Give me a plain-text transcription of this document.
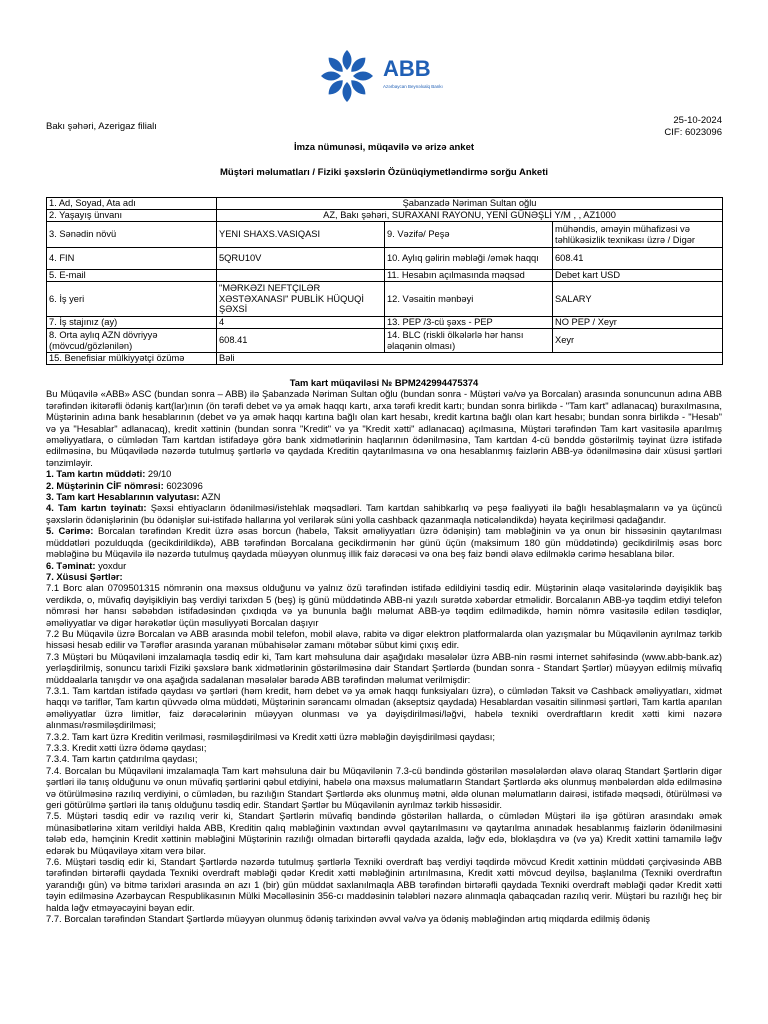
ABB
Azərbaycan Beynəlxalq Bankı
Bakı şəhəri, Azerigaz filialı
25-10-2024
CIF: 6023096
İmza nümunəsi, müqavilə və ərizə anket
Müştəri məlumatları / Fiziki şəxslərin Özünüqiymetləndirmə sorğu Anketi
1. Ad, Soyad, Ata adı	Şabanzadə Nəriman Sultan oğlu		
2. Yaşayış ünvanı	AZ, Bakı şəhəri, SURAXANI RAYONU, YENİ GÜNƏŞLİ Y/M , , AZ1000		
3. Sənədin növü	YENI SHAXS.VASIQASI	9. Vəzifə/ Peşə	mühəndis, əməyin mühafizəsi və təhlükəsizlik texnikası üzrə / Digər
4. FIN	5QRU10V	10. Aylıq gəlirin məbləği /əmək haqqı	608.41
5. E-mail		11. Hesabın açılmasında məqsəd	Debet kart USD
6. İş yeri	"MƏRKƏZI NEFTÇILƏR XƏSTƏXANASI" PUBLİK HÜQUQİ ŞƏXSİ	12. Vəsaitin mənbəyi	SALARY
7. İş stajınız (ay)	4	13. PEP /3-cü şəxs - PEP	NO PEP / Xeyr
8. Orta aylıq AZN dövriyyə (mövcud/gözlənilən)	608.41	14. BLC (riskli ölkələrlə hər hansı əlaqənin olması)	Xeyr
15. Benefisiar mülkiyyətçi özümə	Bəli		

Tam kart müqaviləsi № BPM242994475374

Bu Müqavilə «ABB» ASC (bundan sonra – ABB) ilə Şabanzadə Nəriman Sultan oğlu (bundan sonra - Müştəri və/və ya Borcalan) arasında sonuncunun adına ABB tərəfindən ikitərəfli ödəniş kart(lar)ının (ön tərəfi debet və ya əmək haqqı kartı, arxa tərəfi kredit kartı; bundan sonra birlikdə - "Tam kart" adlanacaq) buraxılmasına, Müştərinin adına bank hesablarının (debet və ya əmək haqqı kartına bağlı olan kart hesabı, kredit kartına bağlı olan kart hesabı; bundan sonra birlikdə - "Hesab" və ya "Hesablar" adlanacaq), kredit xəttinin (bundan sonra "Kredit" və ya "Kredit xətti" adlanacaq) açılmasına, Müştəri tərəfindən Tam kart vasitəsilə aparılmış əməliyyatlara, o cümlədən Tam kartdan istifadəyə görə bank xidmətlərinin haqlarının ödənilməsinə, Tam kartdan 4-cü bənddə göstərilmiş təyinat üzrə istifadə edilməsinə, bu Müqavilədə nəzərdə tutulmuş şərtlərlə və qaydada Kreditin qaytarılmasına və ona hesablanmış faizlərin ABB-yə ödənilməsinə dair xüsusi şərtləri tənzimləyir.

1. Tam kartın müddəti: 29/10

2. Müştərinin CİF nömrəsi: 6023096

3. Tam kart Hesablarının valyutası: AZN

4. Tam kartın təyinatı: Şəxsi ehtiyacların ödənilməsi/istehlak məqsədləri. Tam kartdan sahibkarlıq və peşə fəaliyyəti ilə bağlı hesablaşmaların və ya üçüncü şəxslərin ödənişlərinin (bu ödənişlər sui-istifadə hallarına yol verilərək süni yolla cashback qazanmaqla nəticələndikdə) həyata keçirilməsi qadağandır.

5. Cərimə: Borcalan tərəfindən Kredit üzrə əsas borcun (habelə, Taksit əməliyyatları üzrə ödənişin) tam məbləğinin və ya onun bir hissəsinin qaytarılması müddətləri pozulduqda (gecikdirildikdə), ABB tərəfindən Borcalana gecikdirmənin hər günü üçün (maksimum 180 gün müddətində) gecikdirilmiş əsas borc məbləğinə bu Müqavilə ilə nəzərdə tutulmuş qaydada müəyyən olunmuş illik faiz dərəcəsi və ona beş faiz bəndi əlavə edilməklə cərimə hesablana bilər.

6. Təminat: yoxdur

7. Xüsusi Şərtlər:

7.1 Borc alan 0709501315 nömrənin ona məxsus olduğunu və yalnız özü tərəfindən istifadə edildiyini təsdiq edir. Müştərinin əlaqə vasitələrində dəyişiklik baş verdikdə, o, müvafiq dəyişikliyin baş verdiyi tarixdən 5 (beş) iş günü müddətində ABB-ni yazılı surətdə xəbərdar etməlidir. Borcalanın ABB-yə təqdim etdiyi telefon nömrəsi hər hansı səbəbdən istifadəsindən çıxdıqda və ya bununla bağlı məlumat ABB-yə təqdim edilmədikdə, həmin nömrə vasitəsilə edilən təsdiqlər, əməliyyatlar və digər hərəkətlər üçün məsuliyyəti Borcalan daşıyır

7.2 Bu Müqavilə üzrə Borcalan və ABB arasında mobil telefon, mobil əlavə, rabitə və digər elektron platformalarda olan yazışmalar bu Müqavilənin ayrılmaz tərkib hissəsi hesab edilir və Tərəflər arasında yaranan mübahisələr zamanı mötəbər sübut kimi çıxış edir.

7.3 Müştəri bu Müqaviləni imzalamaqla təsdiq edir ki, Tam kart məhsuluna dair aşağıdakı məsələlər üzrə ABB-nin rəsmi internet səhifəsində (www.abb-bank.az) yerləşdirilmiş, sonuncu tarixli Fiziki şəxslərə bank xidmətlərinin göstərilməsinə dair Standart Şərtlərdə (bundan sonra - Standart Şərtlər) müəyyən edilmiş müvafiq müddəalarla tanışdır və ona aşağıda sadalanan məsələlər barədə ABB tərəfindən məlumat verilmişdir:

7.3.1. Tam kartdan istifadə qaydası və şərtləri (həm kredit, həm debet və ya əmək haqqı funksiyaları üzrə), o cümlədən Taksit və Cashback əməliyyatları, xidmət haqqı və tariflər, Tam kartın qüvvədə olma müddəti, Müştərinin sərəncamı olmadan (akseptsiz qaydada) Hesablardan vəsaitin silinməsi şərtləri, Tam kartla aparılan əməliyyatlar üzrə limitlər, faiz dərəcələrinin müəyyən olunması və ya dəyişdirilməsi/ləğvi, habelə texniki overdraftların kredit xətti kimi nəzərə alınması/rəsmiləşdirilməsi;

7.3.2. Tam kart üzrə Kreditin verilməsi, rəsmiləşdirilməsi və Kredit xətti üzrə məbləğin dəyişdirilməsi qaydası;

7.3.3. Kredit xətti üzrə ödəmə qaydası;

7.3.4. Tam kartın çatdırılma qaydası;

7.4. Borcalan bu Müqaviləni imzalamaqla Tam kart məhsuluna dair bu Müqavilənin 7.3-cü bəndində göstərilən məsələlərdən əlavə olaraq Standart Şərtlərin digər şərtləri ilə tanış olduğunu və onun müvafiq şərtlərini qəbul etdiyini, habelə ona məxsus məlumatların Standart Şərtlərdə əks olunmuş mənbələrdən əldə edilməsinə və ötürülməsinə razılıq verdiyini, o cümlədən, bu razılığın Standart Şərtlərdə əks olunmuş mətni, əldə olunan məlumatların dairəsi, istifadə məqsədi, ötürülməsi və geri götürülmə şərtləri ilə tanış olduğunu təsdiq edir. Standart Şərtlər bu Müqavilənin ayrılmaz tərkib hissəsidir.

7.5. Müştəri təsdiq edir və razılıq verir ki, Standart Şərtlərin müvafiq bəndində göstərilən hallarda, o cümlədən Müştəri ilə işə götürən arasındakı əmək münasibətlərinə xitam verildiyi halda ABB, Kreditin qalıq məbləğinin vaxtından əvvəl qaytarılmasını və qaytarılma anınadək hesablanmış faizlərin ödənilməsini tələb edə, həmçinin Kredit xəttinin məbləğini Müştərinin razılığı olmadan birtərəfli qaydada azalda, ləğv edə, bloklaşdıra və (və ya) Kredit xəttini tamamilə ləğv edərək bu Müqaviləyə xitam verə bilər.

7.6. Müştəri təsdiq edir ki, Standart Şərtlərdə nəzərdə tutulmuş şərtlərlə Texniki overdraft baş verdiyi təqdirdə mövcud Kredit xəttinin müddəti çərçivəsində ABB tərəfindən birtərəfli qaydada Texniki overdraft məbləği qədər Kredit xətti məbləğinin artırılmasına, Kredit xətti mövcud deyilsə, başlanılma (Texniki overdraftın yarandığı gün) və bitmə tarixləri arasında ən azı 1 (bir) gün müddət saxlanılmaqla ABB tərəfindən birtərəfli qaydada Texniki overdraft məbləği qədər Kredit xətti təyin edilməsinə Azərbaycan Respublikasının Mülki Məcəlləsinin 356-cı maddəsinin tələbləri nəzərə alınmaqla qabaqcadan razılıq verir. Müştəri bu razılığı heç bir halda ləğv etməyəcəyini bəyan edir.

7.7. Borcalan tərəfindən Standart Şərtlərdə müəyyən olunmuş ödəniş tarixindən əvvəl və/və ya ödəniş məbləğindən artıq miqdarda edilmiş ödəniş
